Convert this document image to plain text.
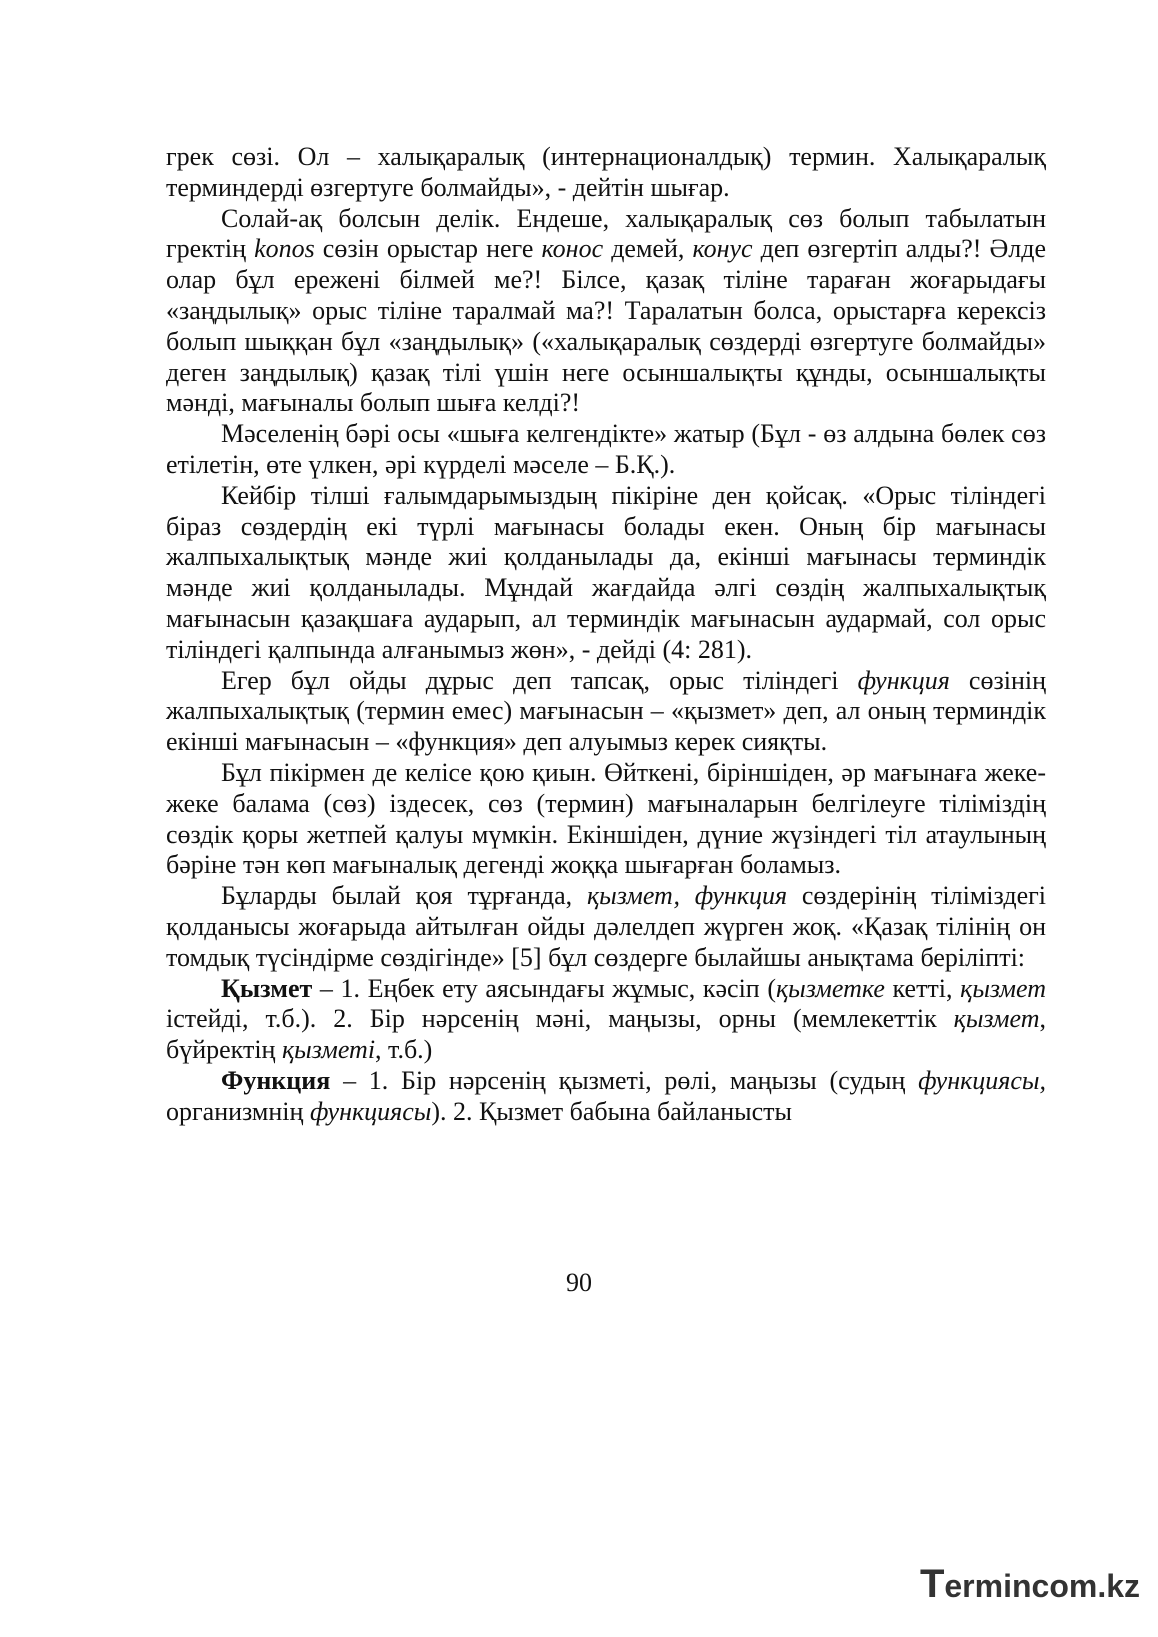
грек сөзі. Ол – халықаралық (интернационалдық) термин. Халықаралық терминдерді өзгертуге болмайды», - дейтін шығар.

Солай-ақ болсын делік. Ендеше, халықаралық сөз болып табылатын гректің konos сөзін орыстар неге конос демей, конус деп өзгертіп алды?! Әлде олар бұл ережені білмей ме?! Білсе, қазақ тіліне тараған жоғарыдағы «заңдылық» орыс тіліне таралмай ма?! Таралатын болса, орыстарға керексіз болып шыққан бұл «заңдылық» («халықаралық сөздерді өзгертуге болмайды» деген заңдылық) қазақ тілі үшін неге осыншалықты құнды, осыншалықты мәнді, мағыналы болып шыға келді?!

Мәселенің бәрі осы «шыға келгендікте» жатыр (Бұл - өз алдына бөлек сөз етілетін, өте үлкен, әрі күрделі мәселе – Б.Қ.).

Кейбір тілші ғалымдарымыздың пікіріне ден қойсақ. «Орыс тіліндегі біраз сөздердің екі түрлі мағынасы болады екен. Оның бір мағынасы жалпыхалықтық мәнде жиі қолданылады да, екінші мағынасы терминдік мәнде жиі қолданылады. Мұндай жағдайда әлгі сөздің жалпыхалықтық мағынасын қазақшаға аударып, ал терминдік мағынасын аудармай, сол орыс тіліндегі қалпында алғанымыз жөн», - дейді (4: 281).

Егер бұл ойды дұрыс деп тапсақ, орыс тіліндегі функция сөзінің жалпыхалықтық (термин емес) мағынасын – «қызмет» деп, ал оның терминдік екінші мағынасын – «функция» деп алуымыз керек сияқты.

Бұл пікірмен де келісе қою қиын. Өйткені, біріншіден, әр мағынаға жеке-жеке балама (сөз) іздесек, сөз (термин) мағыналарын белгілеуге тіліміздің сөздік қоры жетпей қалуы мүмкін. Екіншіден, дүние жүзіндегі тіл атаулының бәріне тән көп мағыналық дегенді жоққа шығарған боламыз.

Бұларды былай қоя тұрғанда, қызмет, функция сөздерінің тіліміздегі қолданысы жоғарыда айтылған ойды дәлелдеп жүрген жоқ. «Қазақ тілінің он томдық түсіндірме сөздігінде» [5] бұл сөздерге былайшы анықтама беріліпті:

Қызмет – 1. Еңбек ету аясындағы жұмыс, кәсіп (қызметке кетті, қызмет істейді, т.б.). 2. Бір нәрсенің мәні, маңызы, орны (мемлекеттік қызмет, бүйректің қызметі, т.б.)

Функция – 1. Бір нәрсенің қызметі, рөлі, маңызы (судың функциясы, организмнің функциясы). 2. Қызмет бабына байланысты

90
Termincom.kz
